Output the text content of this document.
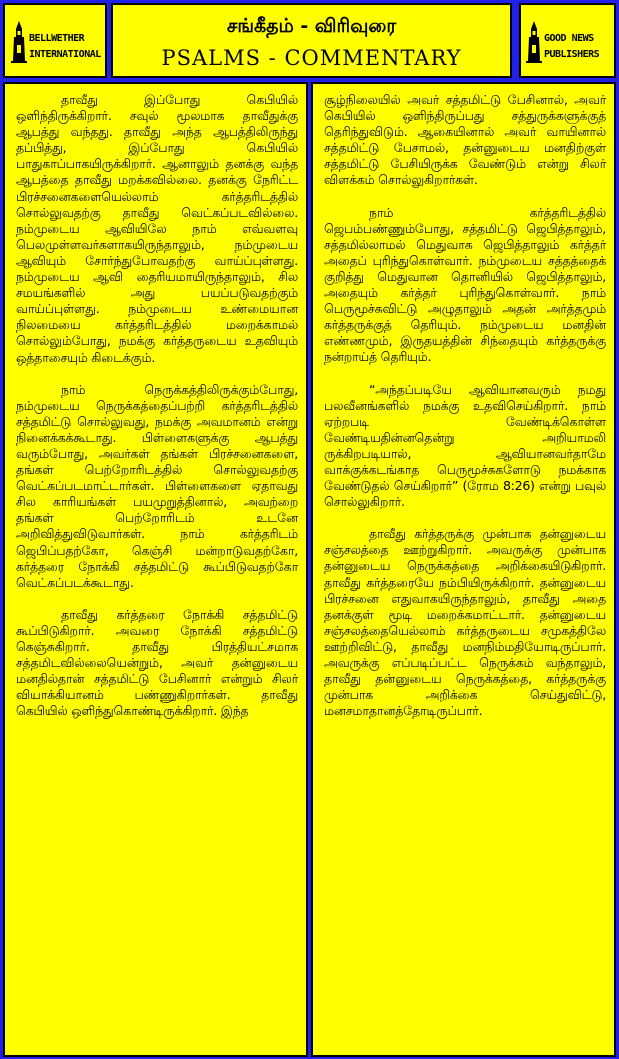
BELLWETHER
INTERNATIONAL
சங்கீதம் - விரிவுரை
PSALMS - COMMENTARY
GOOD NEWS
PUBLISHERS

தாவீது இப்போது கெபியில் ஒளிந்திருக்கிறார். சவுல் மூலமாக தாவீதுக்கு ஆபத்து வந்தது. தாவீது அந்த ஆபத்திலிருந்து தப்பித்து, இப்போது கெபியில் பாதுகாப்பாகயிருக்கிறார். ஆனாலும் தனக்கு வந்த ஆபத்தை தாவீது மறக்கவில்லை. தனக்கு நேரிட்ட பிரச்சனைகளையெல்லாம் கர்த்தரிடத்தில் சொல்லுவதற்கு தாவீது வெட்கப்படவில்லை. நம்முடைய ஆவியிலே நாம் எவ்வளவு பெலமுள்ளவர்களாகயிருந்தாலும், நம்முடைய ஆவியும் சோர்ந்துபோவதற்கு வாய்ப்புள்ளது. நம்முடைய ஆவி தைரியமாயிருந்தாலும், சில சமயங்களில் அது பயப்படுவதற்கும் வாய்ப்புள்ளது. நம்முடைய உண்மையான நிலமையை கர்த்தரிடத்தில் மறைக்காமல் சொல்லும்போது, நமக்கு கர்த்தருடைய உதவியும் ஒத்தாசையும் கிடைக்கும்.

நாம் நெருக்கத்திலிருக்கும்போது, நம்முடைய நெருக்கத்தைப்பற்றி கர்த்தரிடத்தில் சத்தமிட்டு சொல்லுவது, நமக்கு அவமானம் என்று நினைக்கக்கூடாது. பிள்ளைகளுக்கு ஆபத்து வரும்போது, அவர்கள் தங்கள் பிரச்சனைகளை, தங்கள் பெற்றோரிடத்தில் சொல்லுவதற்கு வெட்கப்படமாட்டார்கள். பிள்ளைகளை ஏதாவது சில காரியங்கள் பயமுறுத்தினால், அவற்றை தங்கள் பெற்றோரிடம் உடனே அறிவித்துவிடுவார்கள். நாம் கர்த்தரிடம் ஜெபிப்பதற்கோ, கெஞ்சி மன்றாடுவதற்கோ, கர்த்தரை நோக்கி சத்தமிட்டு கூப்பிடுவதற்கோ வெட்கப்படக்கூடாது.

தாவீது கர்த்தரை நோக்கி சத்தமிட்டு கூப்பிடுகிறார். அவரை நோக்கி சத்தமிட்டு கெஞ்சுகிறார். தாவீது பிரத்தியட்சமாக சத்தமிடவில்லையென்றும், அவர் தன்னுடைய மனதில்தான் சத்தமிட்டு பேசினார் என்றும் சிலர் வியாக்கியானம் பண்ணுகிறார்கள். தாவீது கெபியில் ஒளிந்துகொண்டிருக்கிறார். இந்த

சூழ்நிலையில் அவர் சத்தமிட்டு பேசினால், அவர் கெபியில் ஒளிந்திருப்பது சத்துருக்களுக்குத் தெரிந்துவிடும். ஆகையினால் அவர் வாயினால் சத்தமிட்டு பேசாமல், தன்னுடைய மனதிற்குள் சத்தமிட்டு பேசியிருக்க வேண்டும் என்று சிலர் விளக்கம் சொல்லுகிறார்கள்.

நாம் கர்த்தரிடத்தில் ஜெபம்பண்ணும்போது, சத்தமிட்டு ஜெபித்தாலும், சத்தமில்லாமல் மெதுவாக ஜெபித்தாலும் கர்த்தர் அதைப் புரிந்துகொள்வார். நம்முடைய சத்தத்தைக் குறித்து மெதுவான தொனியில் ஜெபித்தாலும், அதையும் கர்த்தர் புரிந்துகொள்வார். நாம் பெருமூச்சுவிட்டு அழுதாலும் அதன் அர்த்தமும் கர்த்தருக்குத் தெரியும். நம்முடைய மனதின் எண்ணமும், இருதயத்தின் சிந்தையும் கர்த்தருக்கு நன்றாய்த் தெரியும்.

“அந்தப்படியே ஆவியானவரும் நமது பலவீனங்களில் நமக்கு உதவிசெய்கிறார். நாம் ஏற்றபடி வேண்டிக்கொள்ள வேண்டியதின்னதென்று அறியாமலி ருக்கிறபடியால், ஆவியானவர்தாமே வாக்குக்கடங்காத பெருமூச்சுகளோடு நமக்காக வேண்டுதல் செய்கிறார்” (ரோம 8:26) என்று பவுல் சொல்லுகிறார்.

தாவீது கர்த்தருக்கு முன்பாக தன்னுடைய சஞ்சலத்தை ஊற்றுகிறார். அவருக்கு முன்பாக தன்னுடைய நெருக்கத்தை அறிக்கையிடுகிறார். தாவீது கர்த்தரையே நம்பியிருக்கிறார். தன்னுடைய பிரச்சனை எதுவாகயிருந்தாலும், தாவீது அதை தனக்குள் மூடி மறைக்கமாட்டார். தன்னுடைய சஞ்சலத்தையெல்லாம் கர்த்தருடைய சமுகத்திலே ஊற்றிவிட்டு, தாவீது மனநிம்மதியோடிருப்பார். அவருக்கு எப்படிப்பட்ட நெருக்கம் வந்தாலும், தாவீது தன்னுடைய நெருக்கத்தை, கர்த்தருக்கு முன்பாக அறிக்கை செய்துவிட்டு, மனசமாதானத்தோடிருப்பார்.
